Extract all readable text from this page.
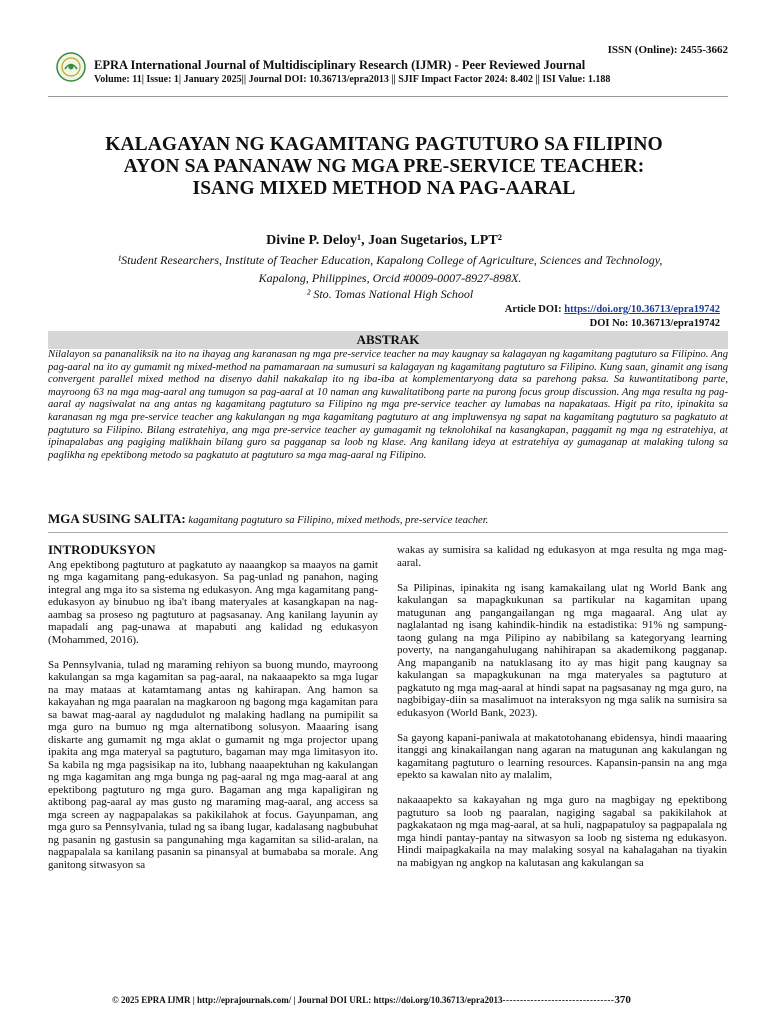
ISSN (Online): 2455-3662
EPRA International Journal of Multidisciplinary Research (IJMR) - Peer Reviewed Journal
Volume: 11| Issue: 1| January 2025|| Journal DOI: 10.36713/epra2013 || SJIF Impact Factor 2024: 8.402 || ISI Value: 1.188
KALAGAYAN NG KAGAMITANG PAGTUTURO SA FILIPINO
AYON SA PANANAW NG MGA PRE-SERVICE TEACHER:
ISANG MIXED METHOD NA PAG-AARAL
Divine P. Deloy¹, Joan Sugetarios, LPT²
¹Student Researchers, Institute of Teacher Education, Kapalong College of Agriculture, Sciences and Technology,
Kapalong, Philippines, Orcid #0009-0007-8927-898X.
² Sto. Tomas National High School
Article DOI: https://doi.org/10.36713/epra19742
DOI No: 10.36713/epra19742
ABSTRAK
Nilalayon sa pananaliksik na ito na ihayag ang karanasan ng mga pre-service teacher na may kaugnay sa kalagayan ng kagamitang pagtuturo sa Filipino. Ang pag-aaral na ito ay gumamit ng mixed-method na pamamaraan na sumusuri sa kalagayan ng kagamitang pagtuturo sa Filipino. Kung saan, ginamit ang isang convergent parallel mixed method na disenyo dahil nakakalap ito ng iba-iba at komplementaryong data sa parehong paksa. Sa kuwantitatibong parte, mayroong 63 na mga mag-aaral ang tumugon sa pag-aaral at 10 naman ang kuwalitatibong parte na purong focus group discussion. Ang mga resulta ng pag-aaral ay nagsiwalat na ang antas ng kagamitang pagtuturo sa Filipino ng mga pre-service teacher ay lumabas na napakataas. Higit pa rito, ipinakita sa karanasan ng mga pre-service teacher ang kakulangan ng mga kagamitang pagtuturo at ang impluwensya ng sapat na kagamitang pagtuturo sa pagkatuto at pagtuturo sa Filipino. Bilang estratehiya, ang mga pre-service teacher ay gumagamit ng teknolohikal na kasangkapan, paggamit ng mga ng estratehiya, at ipinapalabas ang pagiging malikhain bilang guro sa pagganap sa loob ng klase. Ang kanilang ideya at estratehiya ay gumaganap at malaking tulong sa paglikha ng epektibong metodo sa pagkatuto at pagtuturo sa mga mag-aaral ng Filipino.
MGA SUSING SALITA: kagamitang pagtuturo sa Filipino, mixed methods, pre-service teacher.
INTRODUKSYON

Ang epektibong pagtuturo at pagkatuto ay naaangkop sa maayos na gamit ng mga kagamitang pang-edukasyon. Sa pag-unlad ng panahon, naging integral ang mga ito sa sistema ng edukasyon. Ang mga kagamitang pang-edukasyon ay binubuo ng iba't ibang materyales at kasangkapan na nag-aambag sa proseso ng pagtuturo at pagsasanay. Ang kanilang layunin ay mapadali ang pag-unawa at mapabuti ang kalidad ng edukasyon (Mohammed, 2016).

Sa Pennsylvania, tulad ng maraming rehiyon sa buong mundo, mayroong kakulangan sa mga kagamitan sa pag-aaral, na nakaaapekto sa mga lugar na may mataas at katamtamang antas ng kahirapan. Ang hamon sa kakayahan ng mga paaralan na magkaroon ng bagong mga kagamitan para sa bawat mag-aaral ay nagdudulot ng malaking hadlang na pumipilit sa mga guro na bumuo ng mga alternatibong solusyon. Maaaring isang diskarte ang gumamit ng mga aklat o gumamit ng mga projector upang ipakita ang mga materyal sa pagtuturo, bagaman may mga limitasyon ito. Sa kabila ng mga pagsisikap na ito, lubhang naaapektuhan ng kakulangan ng mga kagamitan ang mga bunga ng pag-aaral ng mga mag-aaral at ang epektibong pagtuturo ng mga guro. Bagaman ang mga kapaligiran ng aktibong pag-aaral ay mas gusto ng maraming mag-aaral, ang access sa mga screen ay nagpapalakas sa pakikilahok at focus. Gayunpaman, ang mga guro sa Pennsylvania, tulad ng sa ibang lugar, kadalasang nagbubuhat ng pasanin ng gastusin sa pangunahing mga kagamitan sa silid-aralan, na nagpapalala sa kanilang pasanin sa pinansyal at bumababa sa morale. Ang ganitong sitwasyon sa

wakas ay sumisira sa kalidad ng edukasyon at mga resulta ng mga mag-aaral.

Sa Pilipinas, ipinakita ng isang kamakailang ulat ng World Bank ang kakulangan sa mapagkukunan sa partikular na kagamitan upang matugunan ang pangangailangan ng mga magaaral. Ang ulat ay naglalantad ng isang kahindik-hindik na estadistika: 91% ng sampung-taong gulang na mga Pilipino ay nabibilang sa kategoryang learning poverty, na nangangahulugang nahihirapan sa akademikong pagganap. Ang mapanganib na natuklasang ito ay mas higit pang kaugnay sa kakulangan sa mapagkukunan na mga materyales sa pagtuturo at pagkatuto ng mga mag-aaral at hindi sapat na pagsasanay ng mga guro, na nagbibigay-diin sa masalimuot na interaksyon ng mga salik na sumisira sa edukasyon (World Bank, 2023).

Sa gayong kapani-paniwala at makatotohanang ebidensya, hindi maaaring itanggi ang kinakailangan nang agaran na matugunan ang kakulangan ng kagamitang pagtuturo o learning resources. Kapansin-pansin na ang mga epekto sa kawalan nito ay malalim,

nakaaapekto sa kakayahan ng mga guro na magbigay ng epektibong pagtuturo sa loob ng paaralan, nagiging sagabal sa pakikilahok at pagkakataon ng mga mag-aaral, at sa huli, nagpapatuloy sa pagpapalala ng mga hindi pantay-pantay na sitwasyon sa loob ng sistema ng edukasyon. Hindi maipagkakaila na may malaking sosyal na kahalagahan na tiyakin na mabigyan ng angkop na kalutasan ang kakulangan sa

© 2025 EPRA IJMR | http://eprajournals.com/ | Journal DOI URL: https://doi.org/10.36713/epra2013--------------------------------370
